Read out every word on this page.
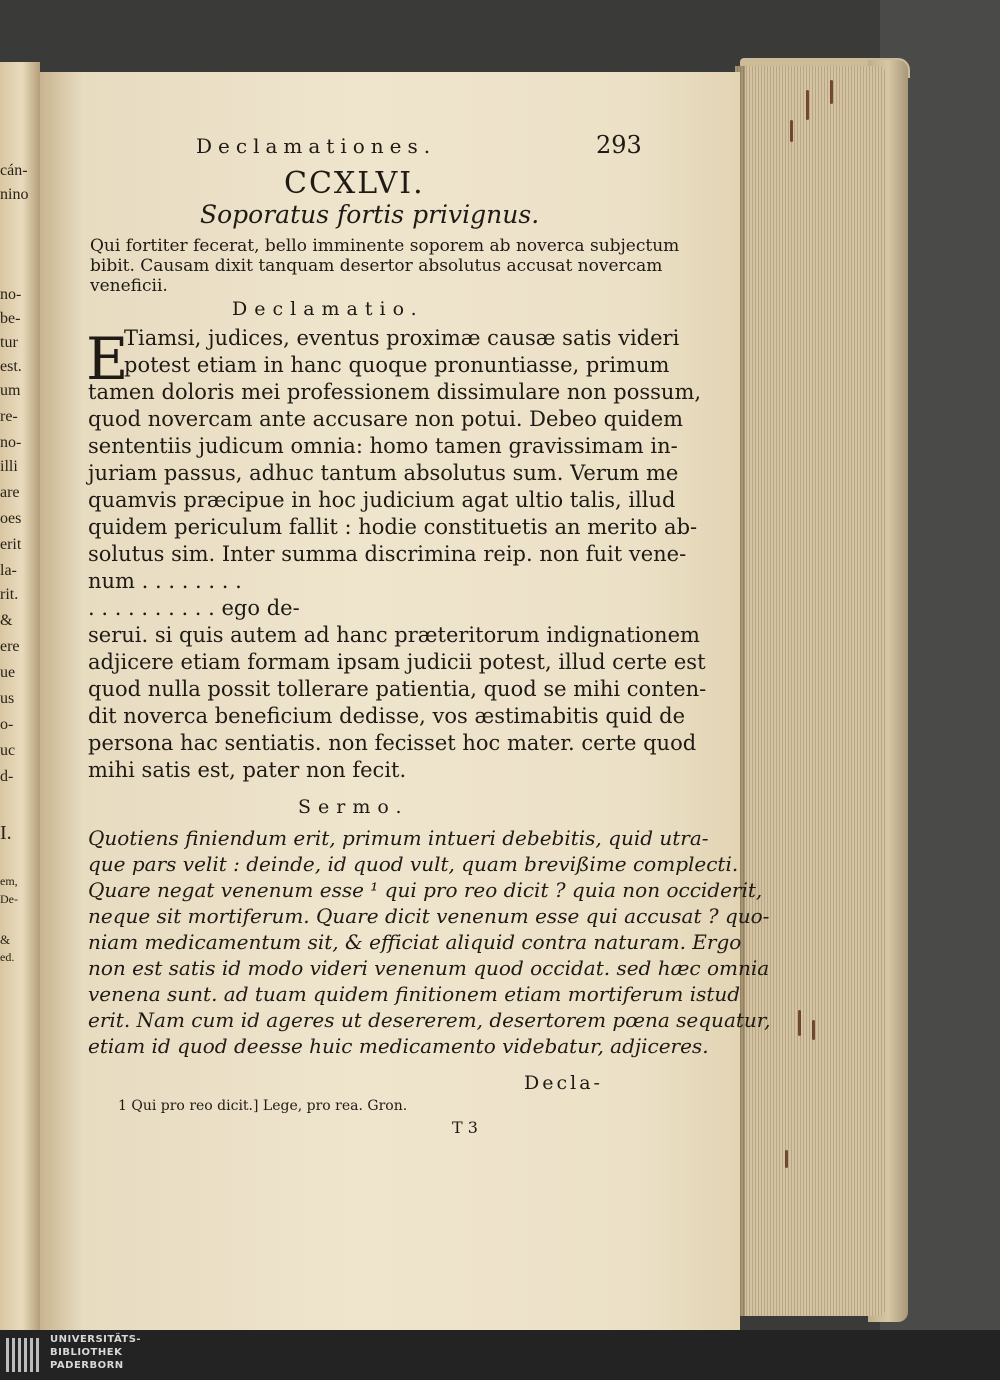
cán-
nino
no-
be-
tur
est.
um
re-
no-
illi
are
oes
erit
la-
rit.
&
ere
ue
us
o-
uc
d-
I.
em,
De-
&
ed.
Declamationes.	293
CCXLVI.
Soporatus fortis privignus.
Qui fortiter fecerat, bello imminente soporem ab noverca subjectum
bibit. Causam dixit tanquam desertor absolutus accusat novercam
veneficii.
Declamatio.
E
Tiamsi, judices, eventus proximæ causæ satis videri
potest etiam in hanc quoque pronuntiasse, primum
tamen doloris mei professionem dissimulare non possum,
quod novercam ante accusare non potui. Debeo quidem
sententiis judicum omnia: homo tamen gravissimam in-
juriam passus, adhuc tantum absolutus sum. Verum me
quamvis præcipue in hoc judicium agat ultio talis, illud
quidem periculum fallit : hodie constituetis an merito ab-
solutus sim. Inter summa discrimina reip. non fuit vene-
num . . . . . . . .
. . . . . . . . . . ego de-
serui. si quis autem ad hanc præteritorum indignationem
adjicere etiam formam ipsam judicii potest, illud certe est
quod nulla possit tollerare patientia, quod se mihi conten-
dit noverca beneficium dedisse, vos æstimabitis quid de
persona hac sentiatis. non fecisset hoc mater. certe quod
mihi satis est, pater non fecit.
Sermo.
Quotiens finiendum erit, primum intueri debebitis, quid utra-
que pars velit : deinde, id quod vult, quam brevißime complecti.
Quare negat venenum esse ¹ qui pro reo dicit ? quia non occiderit,
neque sit mortiferum. Quare dicit venenum esse qui accusat ? quo-
niam medicamentum sit, & efficiat aliquid contra naturam. Ergo
non est satis id modo videri venenum quod occidat. sed hæc omnia
venena sunt. ad tuam quidem finitionem etiam mortiferum istud
erit. Nam cum id ageres ut desererem, desertorem pœna sequatur,
etiam id quod deesse huic medicamento videbatur, adjiceres.
Decla-
1 Qui pro reo dicit.] Lege, pro rea. Gron.
T 3
UNIVERSITÄTS-
BIBLIOTHEK
PADERBORN
